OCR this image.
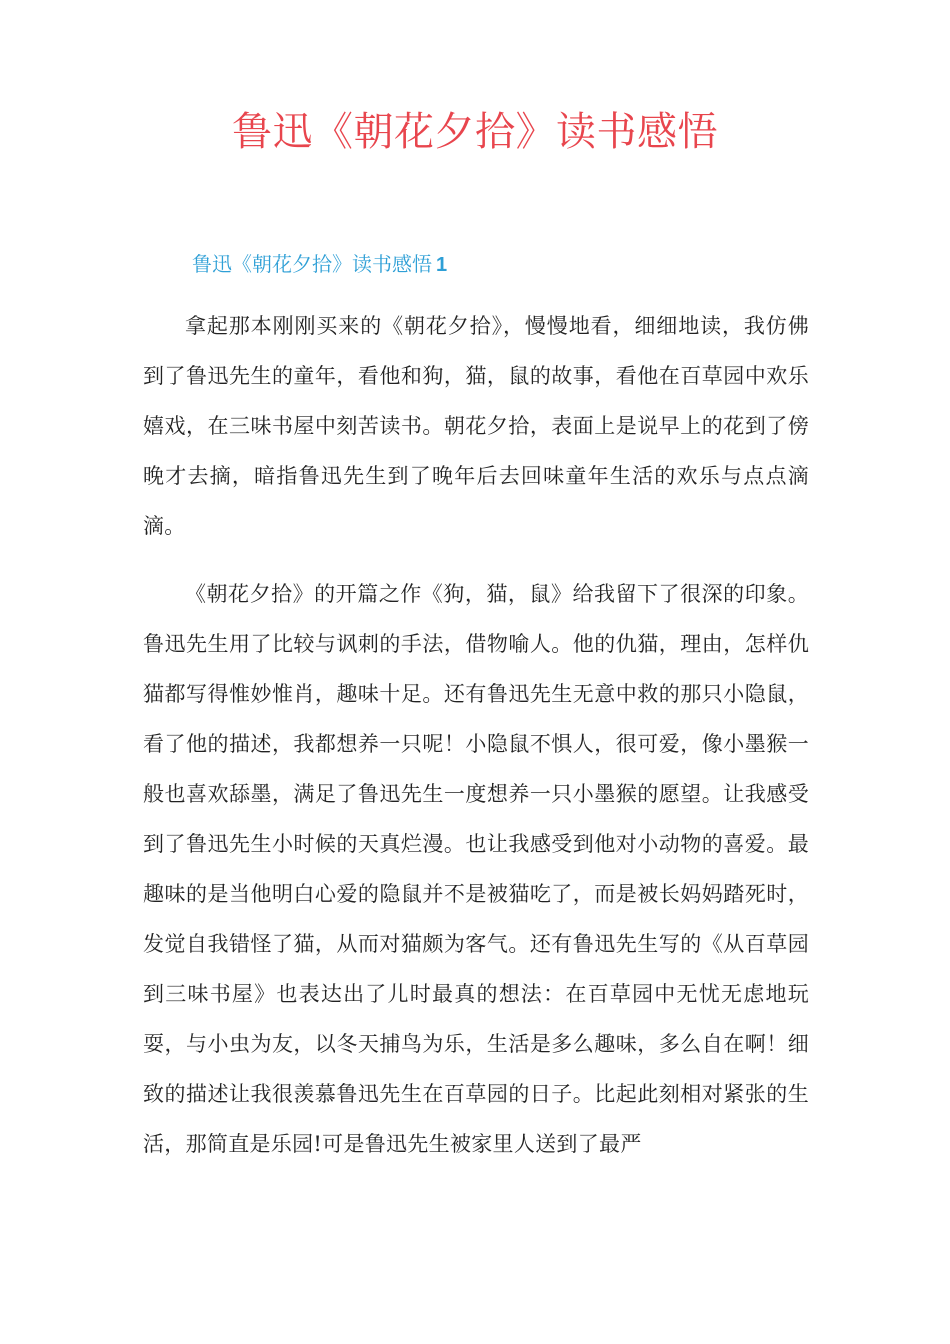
鲁迅《朝花夕拾》读书感悟
鲁迅《朝花夕拾》读书感悟 1

拿起那本刚刚买来的《朝花夕拾》，慢慢地看，细细地读，我仿佛到了鲁迅先生的童年，看他和狗，猫，鼠的故事，看他在百草园中欢乐嬉戏，在三味书屋中刻苦读书。朝花夕拾，表面上是说早上的花到了傍晚才去摘，暗指鲁迅先生到了晚年后去回味童年生活的欢乐与点点滴滴。

《朝花夕拾》的开篇之作《狗，猫，鼠》给我留下了很深的印象。鲁迅先生用了比较与讽刺的手法，借物喻人。他的仇猫，理由，怎样仇猫都写得惟妙惟肖，趣味十足。还有鲁迅先生无意中救的那只小隐鼠，看了他的描述，我都想养一只呢！小隐鼠不惧人，很可爱，像小墨猴一般也喜欢舔墨，满足了鲁迅先生一度想养一只小墨猴的愿望。让我感受到了鲁迅先生小时候的天真烂漫。也让我感受到他对小动物的喜爱。最趣味的是当他明白心爱的隐鼠并不是被猫吃了，而是被长妈妈踏死时，发觉自我错怪了猫，从而对猫颇为客气。还有鲁迅先生写的《从百草园到三味书屋》也表达出了儿时最真的想法：在百草园中无忧无虑地玩耍，与小虫为友，以冬天捕鸟为乐，生活是多么趣味，多么自在啊！细致的描述让我很羡慕鲁迅先生在百草园的日子。比起此刻相对紧张的生活，那简直是乐园!可是鲁迅先生被家里人送到了最严
